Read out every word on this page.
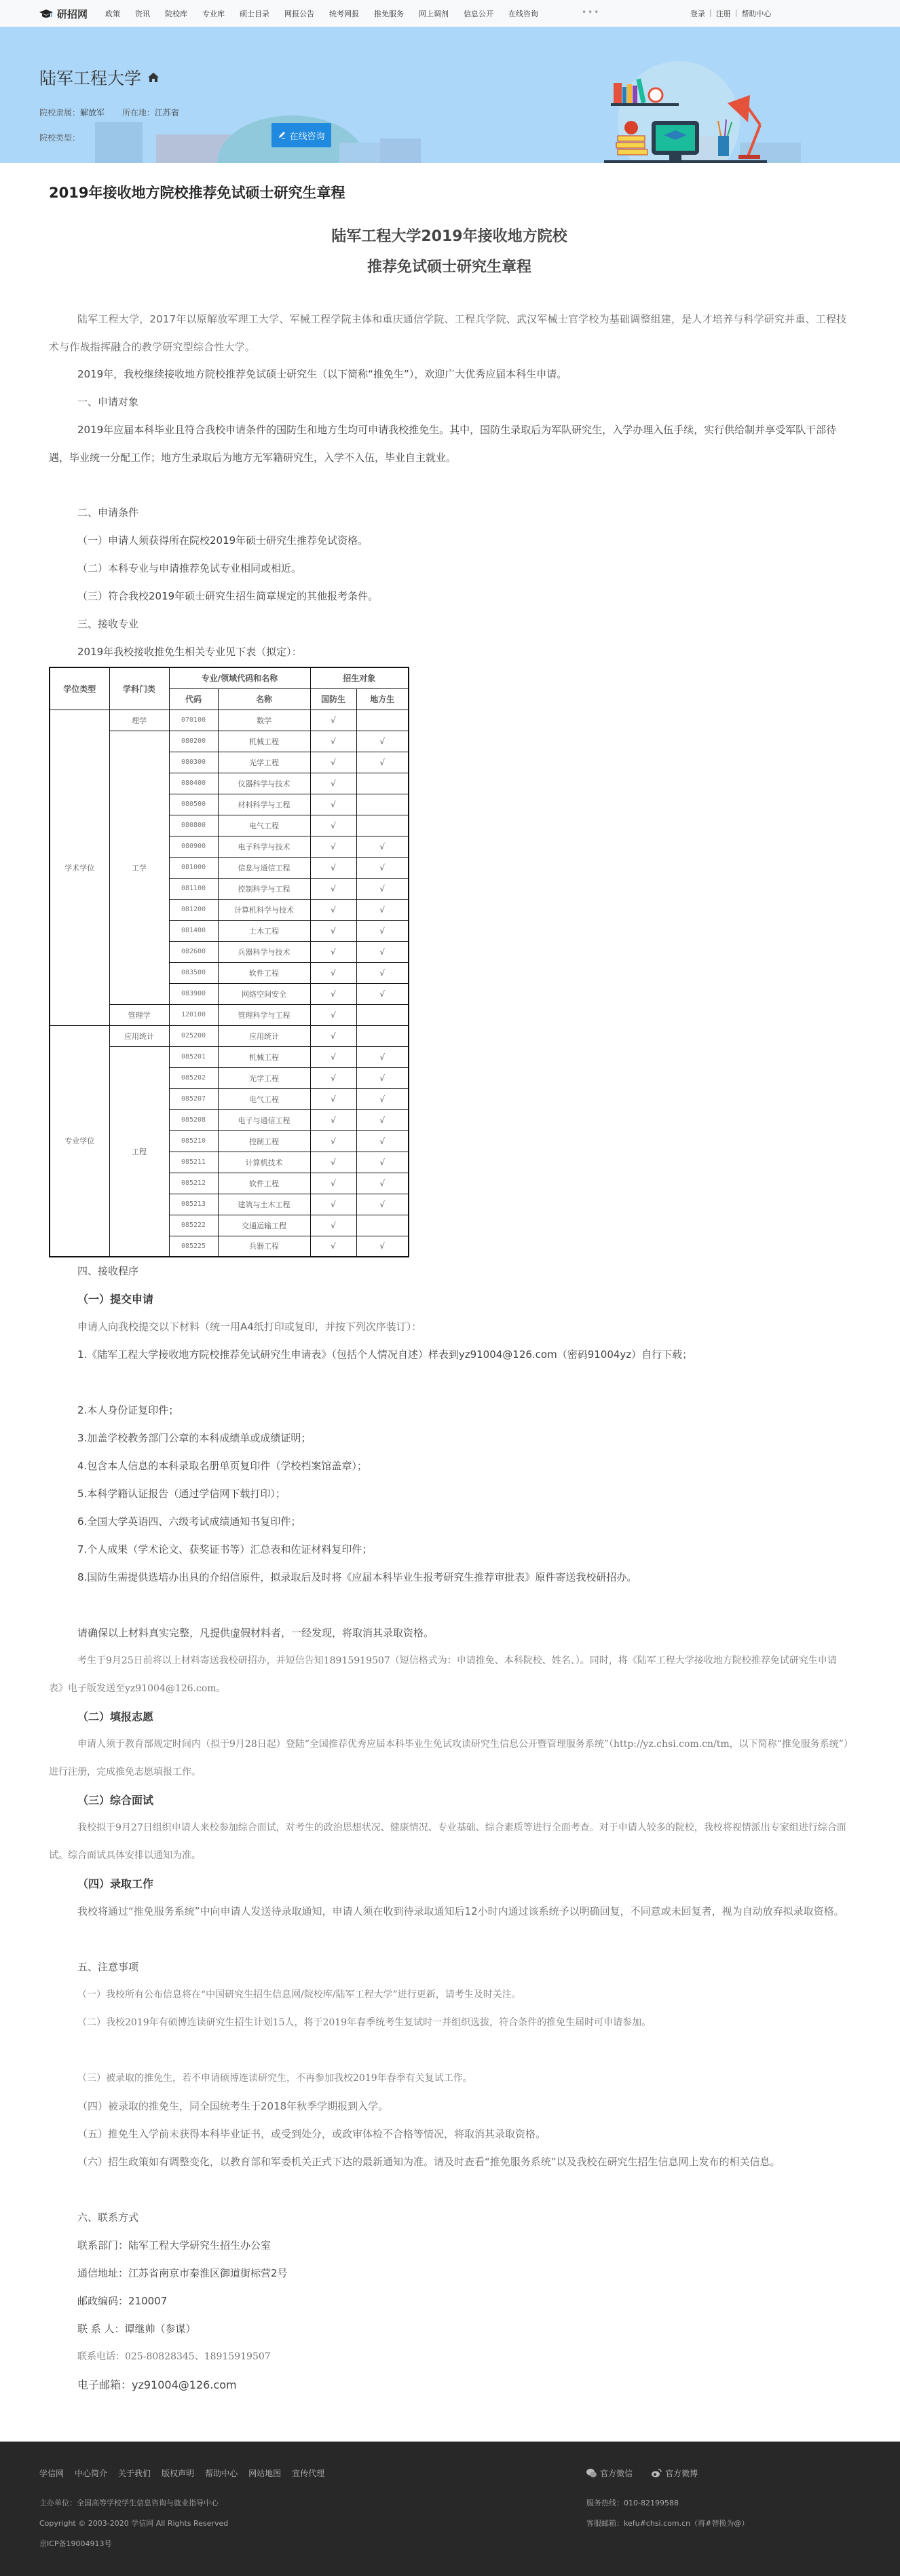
研招网 政策 资讯 院校库 专业库 硕士目录 网报公告 统考网报 推免服务 网上调剂 信息公开 在线咨询	•••	登录 | 注册 | 帮助中心
陆军工程大学
院校隶属：解放军 所在地：江苏省
院校类型：	在线咨询
2019年接收地方院校推荐免试硕士研究生章程
陆军工程大学2019年接收地方院校
推荐免试硕士研究生章程

陆军工程大学，2017年以原解放军理工大学、军械工程学院主体和重庆通信学院、工程兵学院、武汉军械士官学校为基础调整组建，是人才培养与科学研究并重、工程技术与作战指挥融合的教学研究型综合性大学。

2019年，我校继续接收地方院校推荐免试硕士研究生（以下简称“推免生”），欢迎广大优秀应届本科生申请。

一、申请对象

2019年应届本科毕业且符合我校申请条件的国防生和地方生均可申请我校推免生。其中，国防生录取后为军队研究生，入学办理入伍手续，实行供给制并享受军队干部待遇，毕业统一分配工作；地方生录取后为地方无军籍研究生，入学不入伍，毕业自主就业。

二、申请条件

（一）申请人须获得所在院校2019年硕士研究生推荐免试资格。

（二）本科专业与申请推荐免试专业相同或相近。

（三）符合我校2019年硕士研究生招生简章规定的其他报考条件。

三、接收专业

2019年我校接收推免生相关专业见下表（拟定）：

学位类型	学科门类	专业/领域代码和名称		招生对象	
		代码	名称	国防生	地方生
学术学位	理学	070100	数学	√	
	工学	080200	机械工程	√	√
		080300	光学工程	√	√
		080400	仪器科学与技术	√	
		080500	材料科学与工程	√	
		080800	电气工程	√	
		080900	电子科学与技术	√	√
		081000	信息与通信工程	√	√
		081100	控制科学与工程	√	√
		081200	计算机科学与技术	√	√
		081400	土木工程	√	√
		082600	兵器科学与技术	√	√
		083500	软件工程	√	√
		083900	网络空间安全	√	√
	管理学	120100	管理科学与工程	√	
专业学位	应用统计	025200	应用统计	√	
	工程	085201	机械工程	√	√
		085202	光学工程	√	√
		085207	电气工程	√	√
		085208	电子与通信工程	√	√
		085210	控制工程	√	√
		085211	计算机技术	√	√
		085212	软件工程	√	√
		085213	建筑与土木工程	√	√
		085222	交通运输工程	√	
		085225	兵器工程	√	√

四、接收程序

（一）提交申请

申请人向我校提交以下材料（统一用A4纸打印或复印，并按下列次序装订）：

1.《陆军工程大学接收地方院校推荐免试研究生申请表》（包括个人情况自述）样表到yz91004@126.com（密码91004yz）自行下载；

2.本人身份证复印件；

3.加盖学校教务部门公章的本科成绩单或成绩证明；

4.包含本人信息的本科录取名册单页复印件（学校档案馆盖章）；

5.本科学籍认证报告（通过学信网下载打印）；

6.全国大学英语四、六级考试成绩通知书复印件；

7.个人成果（学术论文、获奖证书等）汇总表和佐证材料复印件；

8.国防生需提供选培办出具的介绍信原件，拟录取后及时将《应届本科毕业生报考研究生推荐审批表》原件寄送我校研招办。

请确保以上材料真实完整，凡提供虚假材料者，一经发现，将取消其录取资格。

考生于9月25日前将以上材料寄送我校研招办，并短信告知18915919507（短信格式为：申请推免、本科院校、姓名、）。同时，将《陆军工程大学接收地方院校推荐免试研究生申请表》电子版发送至yz91004@126.com。

（二）填报志愿

申请人须于教育部规定时间内（拟于9月28日起）登陆“全国推荐优秀应届本科毕业生免试攻读研究生信息公开暨管理服务系统”（http://yz.chsi.com.cn/tm，以下简称“推免服务系统”）进行注册，完成推免志愿填报工作。

（三）综合面试

我校拟于9月27日组织申请人来校参加综合面试，对考生的政治思想状况、健康情况、专业基础、综合素质等进行全面考查。对于申请人较多的院校，我校将视情派出专家组进行综合面试。综合面试具体安排以通知为准。

（四）录取工作

我校将通过“推免服务系统”中向申请人发送待录取通知，申请人须在收到待录取通知后12小时内通过该系统予以明确回复，不同意或未回复者，视为自动放弃拟录取资格。

五、注意事项

（一）我校所有公布信息将在“中国研究生招生信息网/院校库/陆军工程大学”进行更新，请考生及时关注。

（二）我校2019年有硕博连读研究生招生计划15人，将于2019年春季统考生复试时一并组织选拔，符合条件的推免生届时可申请参加。

（三）被录取的推免生，若不申请硕博连读研究生，不再参加我校2019年春季有关复试工作。

（四）被录取的推免生，同全国统考生于2018年秋季学期报到入学。

（五）推免生入学前未获得本科毕业证书，或受到处分，或政审体检不合格等情况，将取消其录取资格。

（六）招生政策如有调整变化，以教育部和军委机关正式下达的最新通知为准。请及时查看“推免服务系统”以及我校在研究生招生信息网上发布的相关信息。

六、联系方式

联系部门：陆军工程大学研究生招生办公室

通信地址：江苏省南京市秦淮区御道街标营2号

邮政编码：210007

联 系 人：谭继帅（参谋）

联系电话：025-80828345、18915919507

电子邮箱：yz91004@126.com

学信网 中心简介 关于我们 版权声明 帮助中心 网站地图 宣传代理
主办单位：全国高等学校学生信息咨询与就业指导中心
Copyright © 2003-2020 学信网 All Rights Reserved
京ICP备19004913号
官方微信	官方微博
服务热线：010-82199588
客服邮箱：kefu#chsi.com.cn（将#替换为@）
